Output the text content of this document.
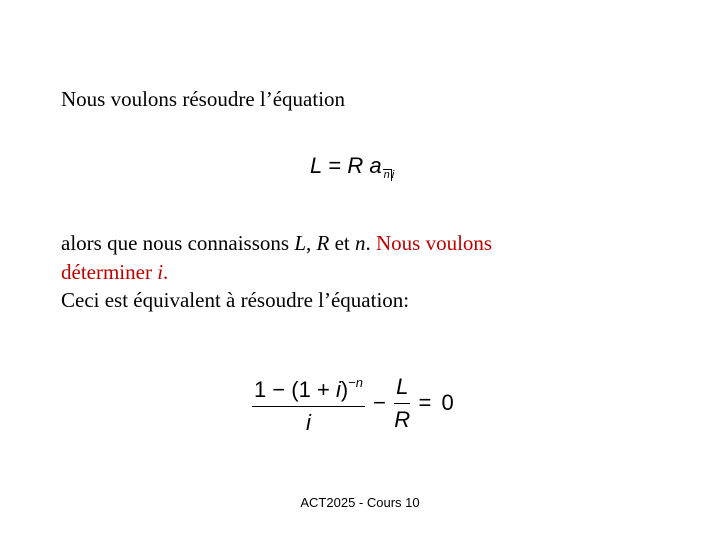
Nous voulons résoudre l’équation
L = R a n i
alors que nous connaissons L, R et n. Nous voulons
déterminer i.
Ceci est équivalent à résoudre l’équation:
$\frac{1 - (1 + i)^{-n}}{i} - \frac{L}{R} = 0$
ACT2025 - Cours 10
